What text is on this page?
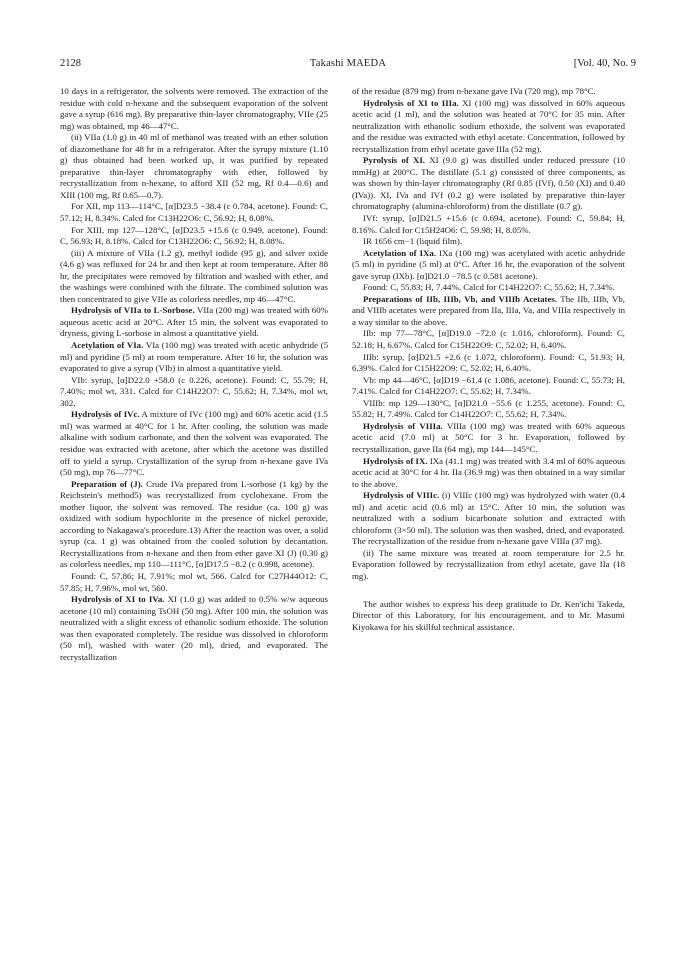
2128	Takashi MAEDA	[Vol. 40, No. 9

10 days in a refrigerator, the solvents were removed. The extraction of the residue with cold n-hexane and the subsequent evaporation of the solvent gave a syrup (616 mg). By preparative thin-layer chromatography, VIIe (25 mg) was obtained, mp 46—47°C.

(ii) VIIa (1.0 g) in 40 ml of methanol was treated with an ether solution of diazomethane for 48 hr in a refrigerator. After the syrupy mixture (1.10 g) thus obtained had been worked up, it was purified by repeated preparative thin-layer chromatography with ether, followed by recrystallization from n-hexane, to afford XII (52 mg, Rf 0.4—0.6) and XIII (100 mg, Rf 0.65—0.7).

For XII, mp 113—114°C, [α]D23.5 −38.4 (c 0.784, acetone). Found: C, 57.12; H, 8.34%. Calcd for C13H22O6: C, 56.92; H, 8.08%.

For XIII, mp 127—128°C, [α]D23.5 +15.6 (c 0.949, acetone). Found: C, 56.93; H, 8.18%. Calcd for C13H22O6: C, 56.92; H, 8.08%.

(iii) A mixture of VIIa (1.2 g), methyl iodide (95 g), and silver oxide (4.6 g) was refluxed for 24 hr and then kept at room temperature. After 88 hr, the precipitates were removed by filtration and washed with ether, and the washings were combined with the filtrate. The combined solution was then concentrated to give VIIe as colorless needles, mp 46—47°C.

Hydrolysis of VIIa to L-Sorbose. VIIa (200 mg) was treated with 60% aqueous acetic acid at 20°C. After 15 min, the solvent was evaporated to dryness, giving L-sorbose in almost a quantitative yield.

Acetylation of VIa. VIa (100 mg) was treated with acetic anhydride (5 ml) and pyridine (5 ml) at room temperature. After 16 hr, the solution was evaporated to give a syrup (VIb) in almost a quantitative yield.

VIb: syrup, [α]D22.0 +58.0 (c 0.226, acetone). Found: C, 55.79; H, 7.40%; mol wt, 331. Calcd for C14H22O7: C, 55.62; H, 7.34%, mol wt, 302.

Hydrolysis of IVc. A mixture of IVc (100 mg) and 60% acetic acid (1.5 ml) was warmed at 40°C for 1 hr. After cooling, the solution was made alkaline with sodium carbonate, and then the solvent was evaporated. The residue was extracted with acetone, after which the acetone was distilled off to yield a syrup. Crystallization of the syrup from n-hexane gave IVa (50 mg), mp 76—77°C.

Preparation of (J). Crude IVa prepared from L-sorbose (1 kg) by the Reichstein's method5) was recrystallized from cyclohexane. From the mother liquor, the solvent was removed. The residue (ca. 100 g) was oxidized with sodium hypochlorite in the presence of nickel peroxide, according to Nakagawa's procedure.13) After the reaction was over, a solid syrup (ca. 1 g) was obtained from the cooled solution by decantation. Recrystallizations from n-hexane and then from ether gave XI (J) (0.30 g) as colorless needles, mp 110—111°C, [α]D17.5 −8.2 (c 0.998, acetone).

Found: C, 57.86; H, 7.91%; mol wt, 566. Calcd for C27H44O12: C, 57.85; H, 7.96%, mol wt, 560.

Hydrolysis of XI to IVa. XI (1.0 g) was added to 0.5% w/w aqueous acetone (10 ml) containing TsOH (50 mg). After 100 min, the solution was neutralized with a slight excess of ethanolic sodium ethoxide. The solution was then evaporated completely. The residue was dissolved in chloroform (50 ml), washed with water (20 ml), dried, and evaporated. The recrystallization

of the residue (879 mg) from n-hexane gave IVa (720 mg), mp 78°C.

Hydrolysis of XI to IIIa. XI (100 mg) was dissolved in 60% aqueous acetic acid (1 ml), and the solution was heated at 70°C for 35 min. After neutralization with ethanolic sodium ethoxide, the solvent was evaporated and the residue was extracted with ethyl acetate. Concentration, followed by recrystallization from ethyl acetate gave IIIa (52 mg).

Pyrolysis of XI. XI (9.0 g) was distilled under reduced pressure (10 mmHg) at 200°C. The distillate (5.1 g) consisted of three components, as was shown by thin-layer chromatography (Rf 0.85 (IVf), 0.50 (XI) and 0.40 (IVa)). XI, IVa and IVf (0.2 g) were isolated by preparative thin-layer chromatography (alumina-chloroform) from the distillate (0.7 g).

IVf: syrup, [α]D21.5 +15.6 (c 0.694, acetone). Found: C, 59.84; H, 8.16%. Calcd for C15H24O6: C, 59.98; H, 8.05%.

IR 1656 cm−1 (liquid film).

Acetylation of IXa. IXa (100 mg) was acetylated with acetic anhydride (5 ml) in pyridine (5 ml) at 0°C. After 16 hr, the evaporation of the solvent gave syrup (IXb). [α]D21.0 −78.5 (c 0.581 acetone).

Found: C, 55.83; H, 7.44%. Calcd for C14H22O7: C, 55.62; H, 7.34%.

Preparations of IIb, IIIb, Vb, and VIIIb Acetates. The IIb, IIIb, Vb, and VIIIb acetates were prepared from IIa, IIIa, Va, and VIIIa respectively in a way similar to the above.

IIb: mp 77—78°C, [α]D19.0 −72.0 (c 1.016, chloroform). Found: C, 52.18; H, 6.67%. Calcd for C15H22O9: C, 52.02; H, 6.40%.

IIIb: syrup, [α]D21.5 +2.6 (c 1.072, chloroform). Found: C, 51.93; H, 6.39%. Calcd for C15H22O9: C, 52.02; H, 6.40%.

Vb: mp 44—46°C, [α]D19 −61.4 (c 1.086, acetone). Found: C, 55.73; H, 7.41%. Calcd for C14H22O7: C, 55.62; H, 7.34%.

VIIIb: mp 129—130°C, [α]D21.0 −55.6 (c 1.255, acetone). Found: C, 55.82; H, 7.49%. Calcd for C14H22O7: C, 55.62; H, 7.34%.

Hydrolysis of VIIIa. VIIIa (100 mg) was treated with 60% aqueous acetic acid (7.0 ml) at 50°C for 3 hr. Evaporation, followed by recrystallization, gave IIa (64 mg), mp 144—145°C.

Hydrolysis of IX. IXa (41.1 mg) was treated with 3.4 ml of 60% aqueous acetic acid at 30°C for 4 hr. IIa (36.9 mg) was then obtained in a way similar to the above.

Hydrolysis of VIIIc. (i) VIIIc (100 mg) was hydrolyzed with water (0.4 ml) and acetic acid (0.6 ml) at 15°C. After 10 min, the solution was neutralized with a sodium bicarbonate solution and extracted with chloroform (3×50 ml). The solution was then washed, dried, and evaporated. The recrystallization of the residue from n-hexane gave VIIIa (37 mg).

(ii) The same mixture was treated at room temperature for 2.5 hr. Evaporation followed by recrystallization from ethyl acetate, gave IIa (18 mg).

The author wishes to express his deep gratitude to Dr. Ken'ichi Takeda, Director of this Laboratory, for his encouragement, and to Mr. Masumi Kiyokawa for his skillful technical assistance.
